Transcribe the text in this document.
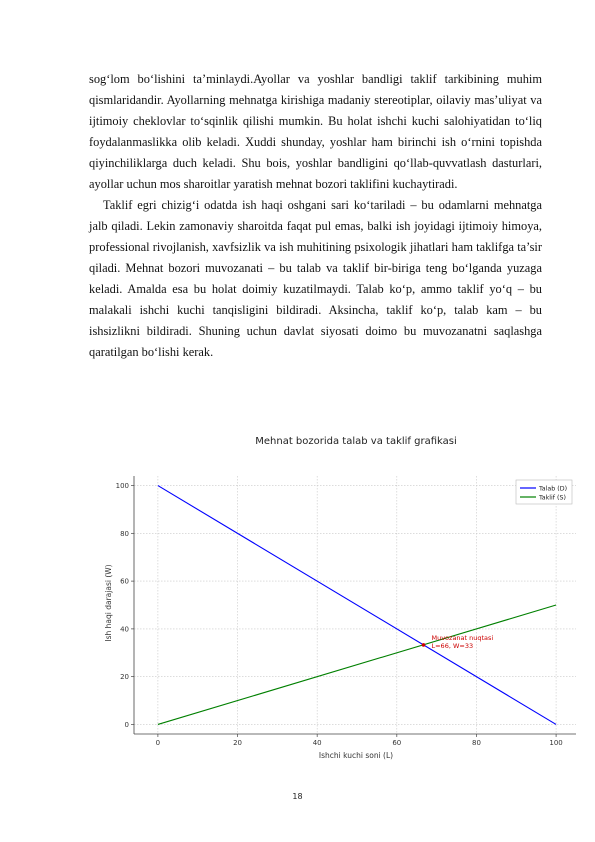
sog‘lom bo‘lishini ta’minlaydi.Ayollar va yoshlar bandligi taklif tarkibining muhim qismlaridandir. Ayollarning mehnatga kirishiga madaniy stereotiplar, oilaviy mas’uliyat va ijtimoiy cheklovlar to‘sqinlik qilishi mumkin. Bu holat ishchi kuchi salohiyatidan to‘liq foydalanmaslikka olib keladi. Xuddi shunday, yoshlar ham birinchi ish o‘rnini topishda qiyinchiliklarga duch keladi. Shu bois, yoshlar bandligini qo‘llab-quvvatlash dasturlari, ayollar uchun mos sharoitlar yaratish mehnat bozori taklifini kuchaytiradi.

Taklif egri chizig‘i odatda ish haqi oshgani sari ko‘tariladi – bu odamlarni mehnatga jalb qiladi. Lekin zamonaviy sharoitda faqat pul emas, balki ish joyidagi ijtimoiy himoya, professional rivojlanish, xavfsizlik va ish muhitining psixologik jihatlari ham taklifga ta’sir qiladi. Mehnat bozori muvozanati – bu talab va taklif bir-biriga teng bo‘lganda yuzaga keladi. Amalda esa bu holat doimiy kuzatilmaydi. Talab ko‘p, ammo taklif yo‘q – bu malakali ishchi kuchi tanqisligini bildiradi. Aksincha, taklif ko‘p, talab kam – bu ishsizlikni bildiradi. Shuning uchun davlat siyosati doimo bu muvozanatni saqlashga qaratilgan bo‘lishi kerak.

Mehnat bozorida talab va taklif grafikasi
0	20	40	60	80	100
0
20
40
60
80
100
Muvozanat nuqtasi
L=66, W=33
Talab (D)
Taklif (S)
Ishchi kuchi soni (L)
Ish haqi darajasi (W)
18
